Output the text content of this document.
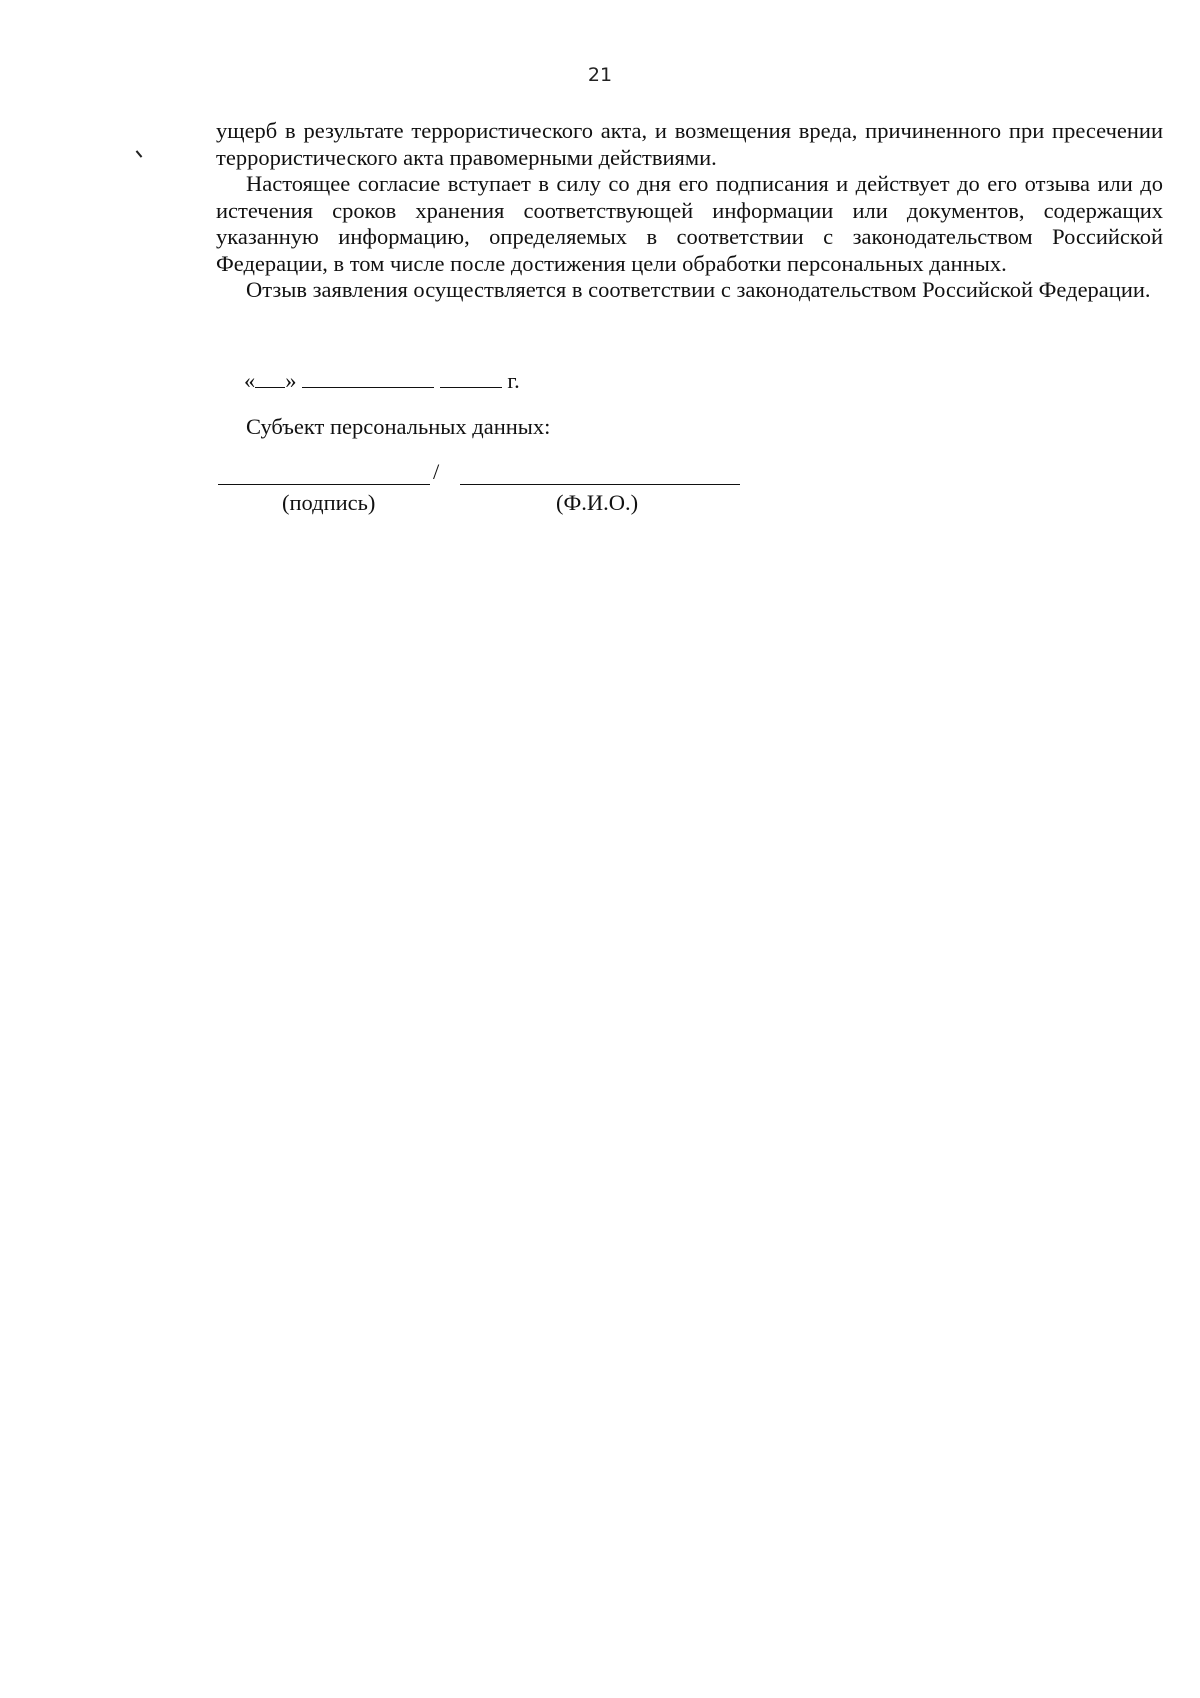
21

ущерб в результате террористического акта, и возмещения вреда, причиненного при пресечении террористического акта правомерными действиями.

Настоящее согласие вступает в силу со дня его подписания и действует до его отзыва или до истечения сроков хранения соответствующей информации или документов, содержащих указанную информацию, определяемых в соответствии с законодательством Российской Федерации, в том числе после достижения цели обработки персональных данных.

Отзыв заявления осуществляется в соответствии с законодательством Российской Федерации.

« »	г.
Субъект персональных данных:
/
(подпись)	(Ф.И.О.)
